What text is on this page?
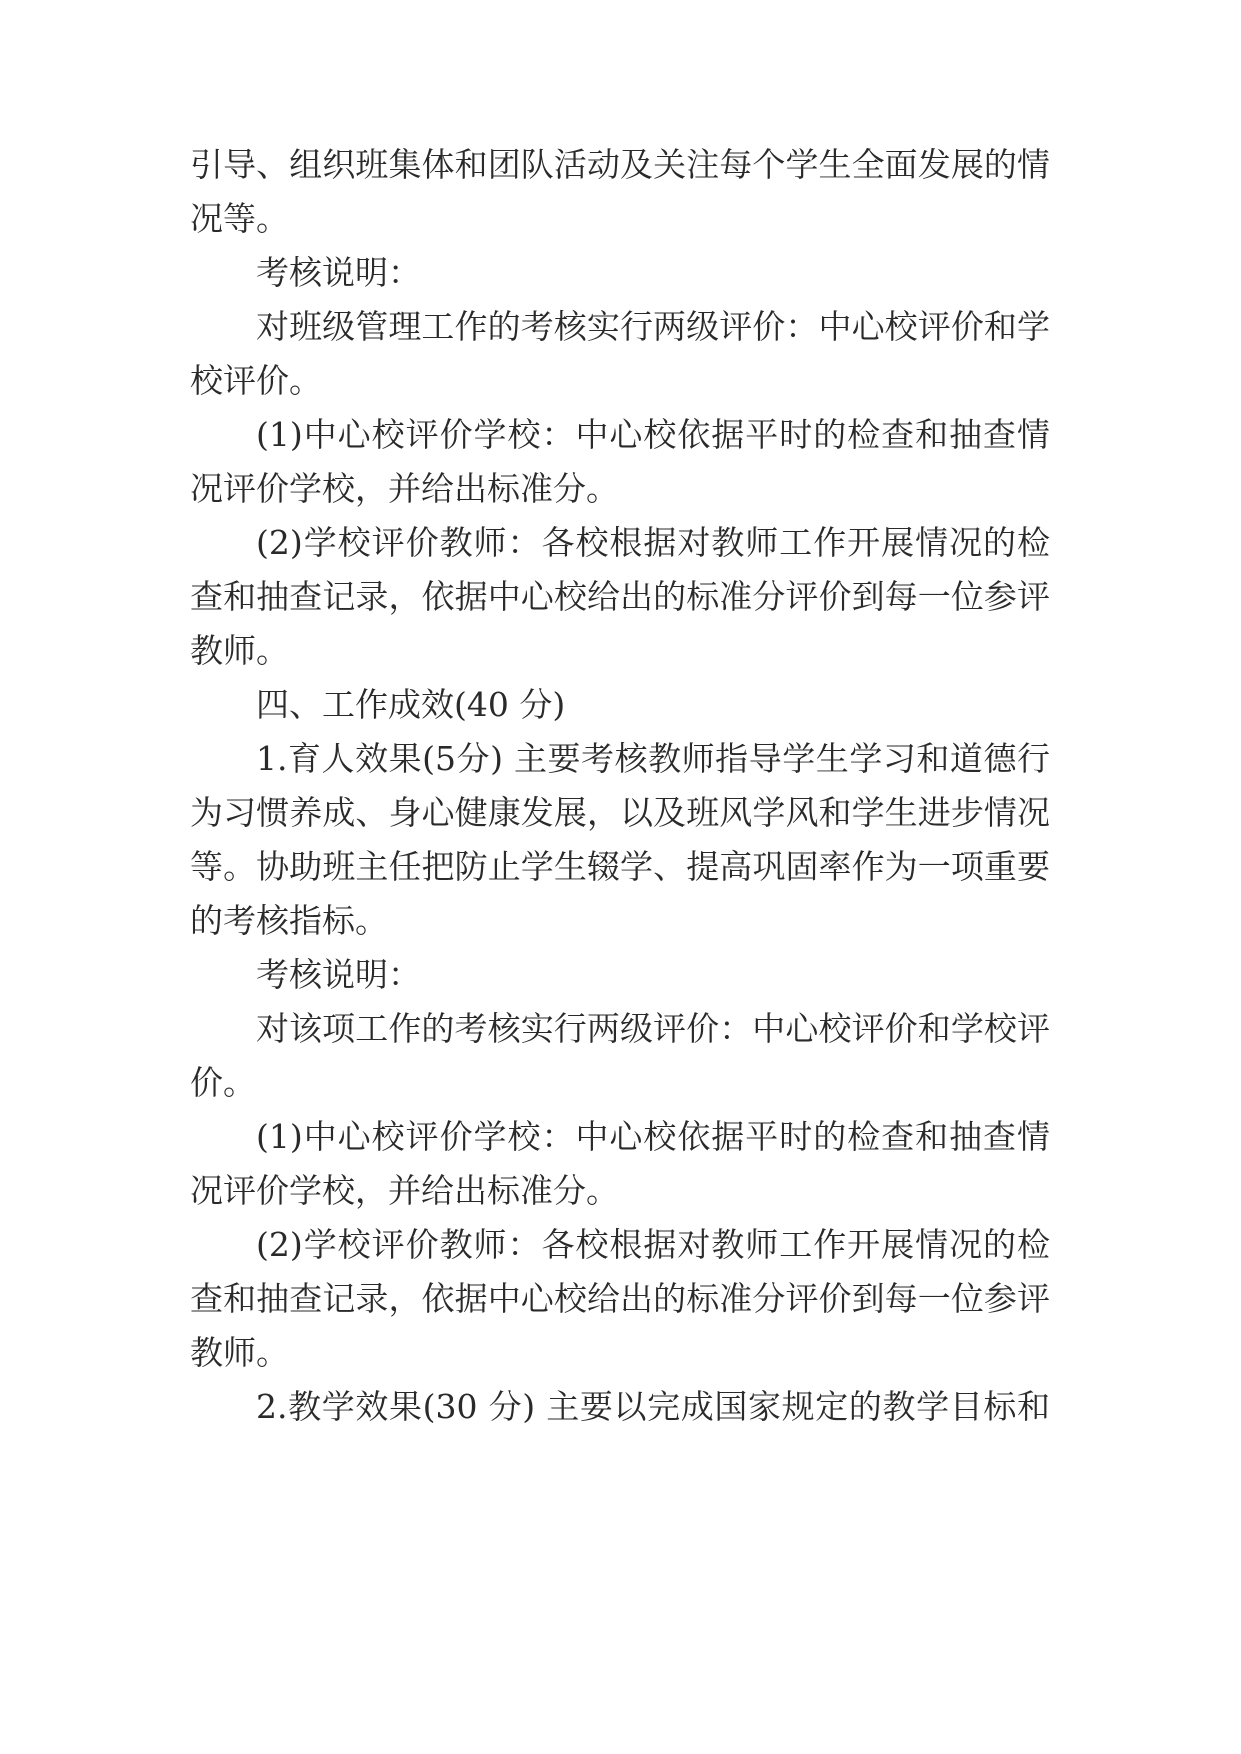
引导、组织班集体和团队活动及关注每个学生全面发展的情
况等。
考核说明：
对班级管理工作的考核实行两级评价：中心校评价和学
校评价。
(1)中心校评价学校：中心校依据平时的检查和抽查情
况评价学校，并给出标准分。
(2)学校评价教师：各校根据对教师工作开展情况的检
查和抽查记录，依据中心校给出的标准分评价到每一位参评
教师。
四、工作成效(40 分)
1.育人效果(5分) 主要考核教师指导学生学习和道德行
为习惯养成、身心健康发展，以及班风学风和学生进步情况
等。协助班主任把防止学生辍学、提高巩固率作为一项重要
的考核指标。
考核说明：
对该项工作的考核实行两级评价：中心校评价和学校评
价。
(1)中心校评价学校：中心校依据平时的检查和抽查情
况评价学校，并给出标准分。
(2)学校评价教师：各校根据对教师工作开展情况的检
查和抽查记录，依据中心校给出的标准分评价到每一位参评
教师。
2.教学效果(30 分) 主要以完成国家规定的教学目标和
